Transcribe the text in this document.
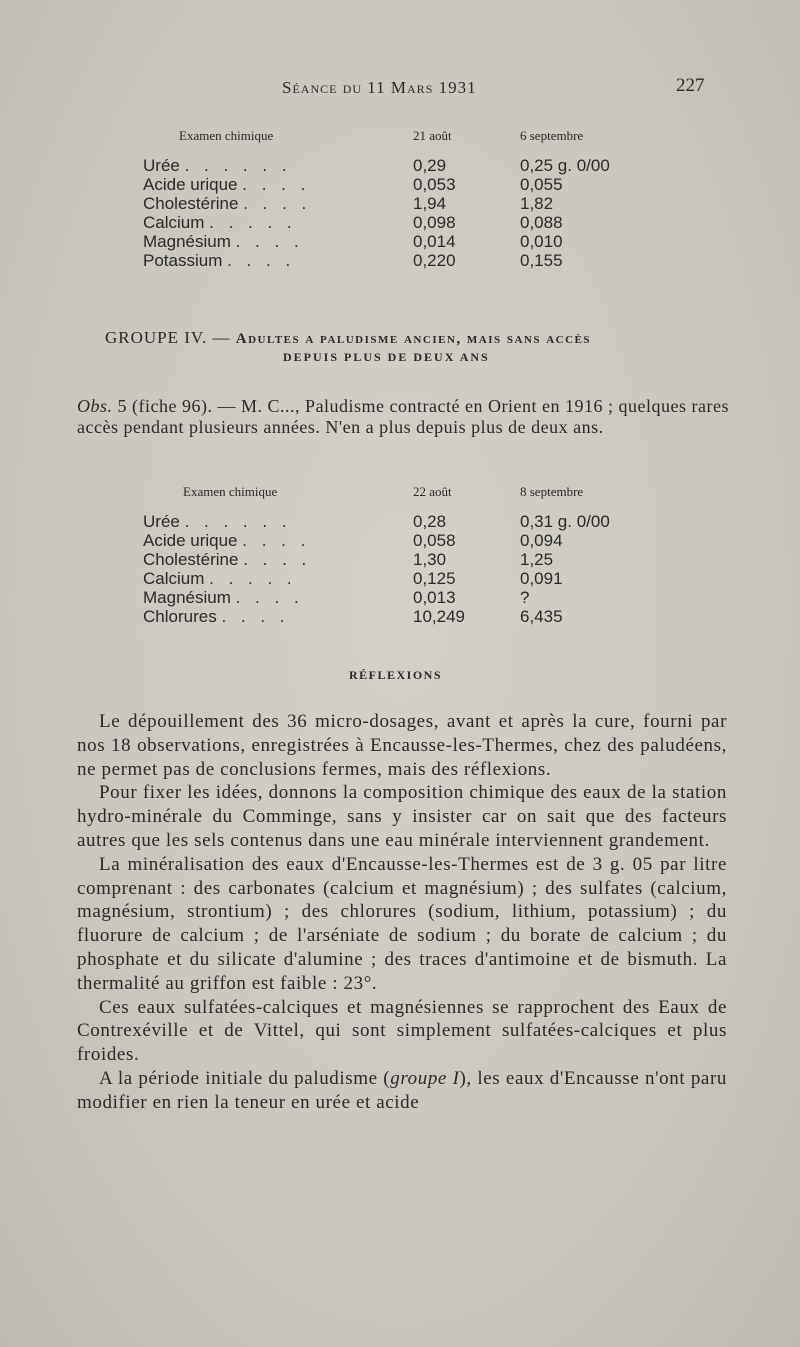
Séance du 11 Mars 1931	227
Examen chimique	21 août	6 septembre
Urée . . . . . .	0,29	0,25 g. 0/00
Acide urique . . . .	0,053	0,055
Cholestérine . . . .	1,94	1,82
Calcium . . . . .	0,098	0,088
Magnésium . . . .	0,014	0,010
Potassium . . . .	0,220	0,155
GROUPE IV. — Adultes a paludisme ancien, mais sans accès
DEPUIS PLUS DE DEUX ANS
Obs. 5 (fiche 96). — M. C..., Paludisme contracté en Orient en 1916 ; quelques rares accès pendant plusieurs années. N'en a plus depuis plus de deux ans.
Examen chimique	22 août	8 septembre
Urée . . . . . .	0,28	0,31 g. 0/00
Acide urique . . . .	0,058	0,094
Cholestérine . . . .	1,30	1,25
Calcium . . . . .	0,125	0,091
Magnésium . . . .	0,013	?
Chlorures . . . .	10,249	6,435
RÉFLEXIONS

Le dépouillement des 36 micro-dosages, avant et après la cure, fourni par nos 18 observations, enregistrées à Encausse-les-Thermes, chez des paludéens, ne permet pas de conclusions fermes, mais des réflexions.

Pour fixer les idées, donnons la composition chimique des eaux de la station hydro-minérale du Comminge, sans y insister car on sait que des facteurs autres que les sels contenus dans une eau minérale interviennent grandement.

La minéralisation des eaux d'Encausse-les-Thermes est de 3 g. 05 par litre comprenant : des carbonates (calcium et magnésium) ; des sulfates (calcium, magnésium, strontium) ; des chlorures (sodium, lithium, potassium) ; du fluorure de calcium ; de l'arséniate de sodium ; du borate de calcium ; du phosphate et du silicate d'alumine ; des traces d'antimoine et de bismuth. La thermalité au griffon est faible : 23°.

Ces eaux sulfatées-calciques et magnésiennes se rapprochent des Eaux de Contrexéville et de Vittel, qui sont simplement sulfatées-calciques et plus froides.

A la période initiale du paludisme (groupe I), les eaux d'Encausse n'ont paru modifier en rien la teneur en urée et acide
